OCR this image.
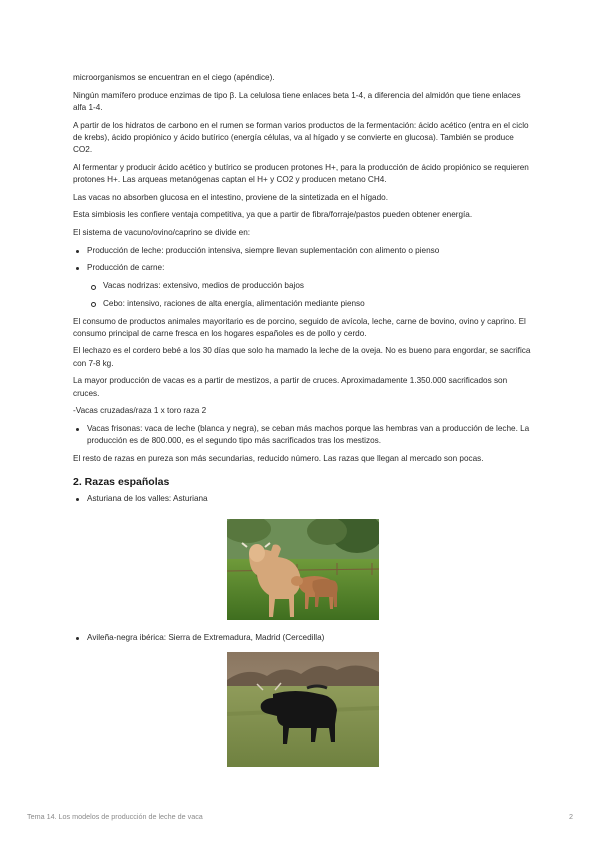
microorganismos se encuentran en el ciego (apéndice).

Ningún mamífero produce enzimas de tipo β. La celulosa tiene enlaces beta 1-4, a diferencia del almidón que tiene enlaces alfa 1-4.

A partir de los hidratos de carbono en el rumen se forman varios productos de la fermentación: ácido acético (entra en el ciclo de krebs), ácido propiónico y ácido butírico (energía células, va al hígado y se convierte en glucosa). También se produce CO2.

Al fermentar y producir ácido acético y butírico se producen protones H+, para la producción de ácido propiónico se requieren protones H+. Las arqueas metanógenas captan el H+ y CO2 y producen metano CH4.

Las vacas no absorben glucosa en el intestino, proviene de la sintetizada en el hígado.

Esta simbiosis les confiere ventaja competitiva, ya que a partir de fibra/forraje/pastos pueden obtener energía.

El sistema de vacuno/ovino/caprino se divide en:

Producción de leche: producción intensiva, siempre llevan suplementación con alimento o pienso
Producción de carne:
Vacas nodrizas: extensivo, medios de producción bajos
Cebo: intensivo, raciones de alta energía, alimentación mediante pienso

El consumo de productos animales mayoritario es de porcino, seguido de avícola, leche, carne de bovino, ovino y caprino. El consumo principal de carne fresca en los hogares españoles es de pollo y cerdo.

El lechazo es el cordero bebé a los 30 días que solo ha mamado la leche de la oveja. No es bueno para engordar, se sacrifica con 7-8 kg.

La mayor producción de vacas es a partir de mestizos, a partir de cruces. Aproximadamente 1.350.000 sacrificados son cruces.

-Vacas cruzadas/raza 1 x toro raza 2

Vacas frisonas: vaca de leche (blanca y negra), se ceban más machos porque las hembras van a producción de leche. La producción es de 800.000, es el segundo tipo más sacrificados tras los mestizos.

El resto de razas en pureza son más secundarias, reducido número. Las razas que llegan al mercado son pocas.

2. Razas españolas
Asturiana de los valles: Asturiana
Avileña-negra ibérica: Sierra de Extremadura, Madrid (Cercedilla)
Tema 14. Los modelos de producción de leche de vaca	2
